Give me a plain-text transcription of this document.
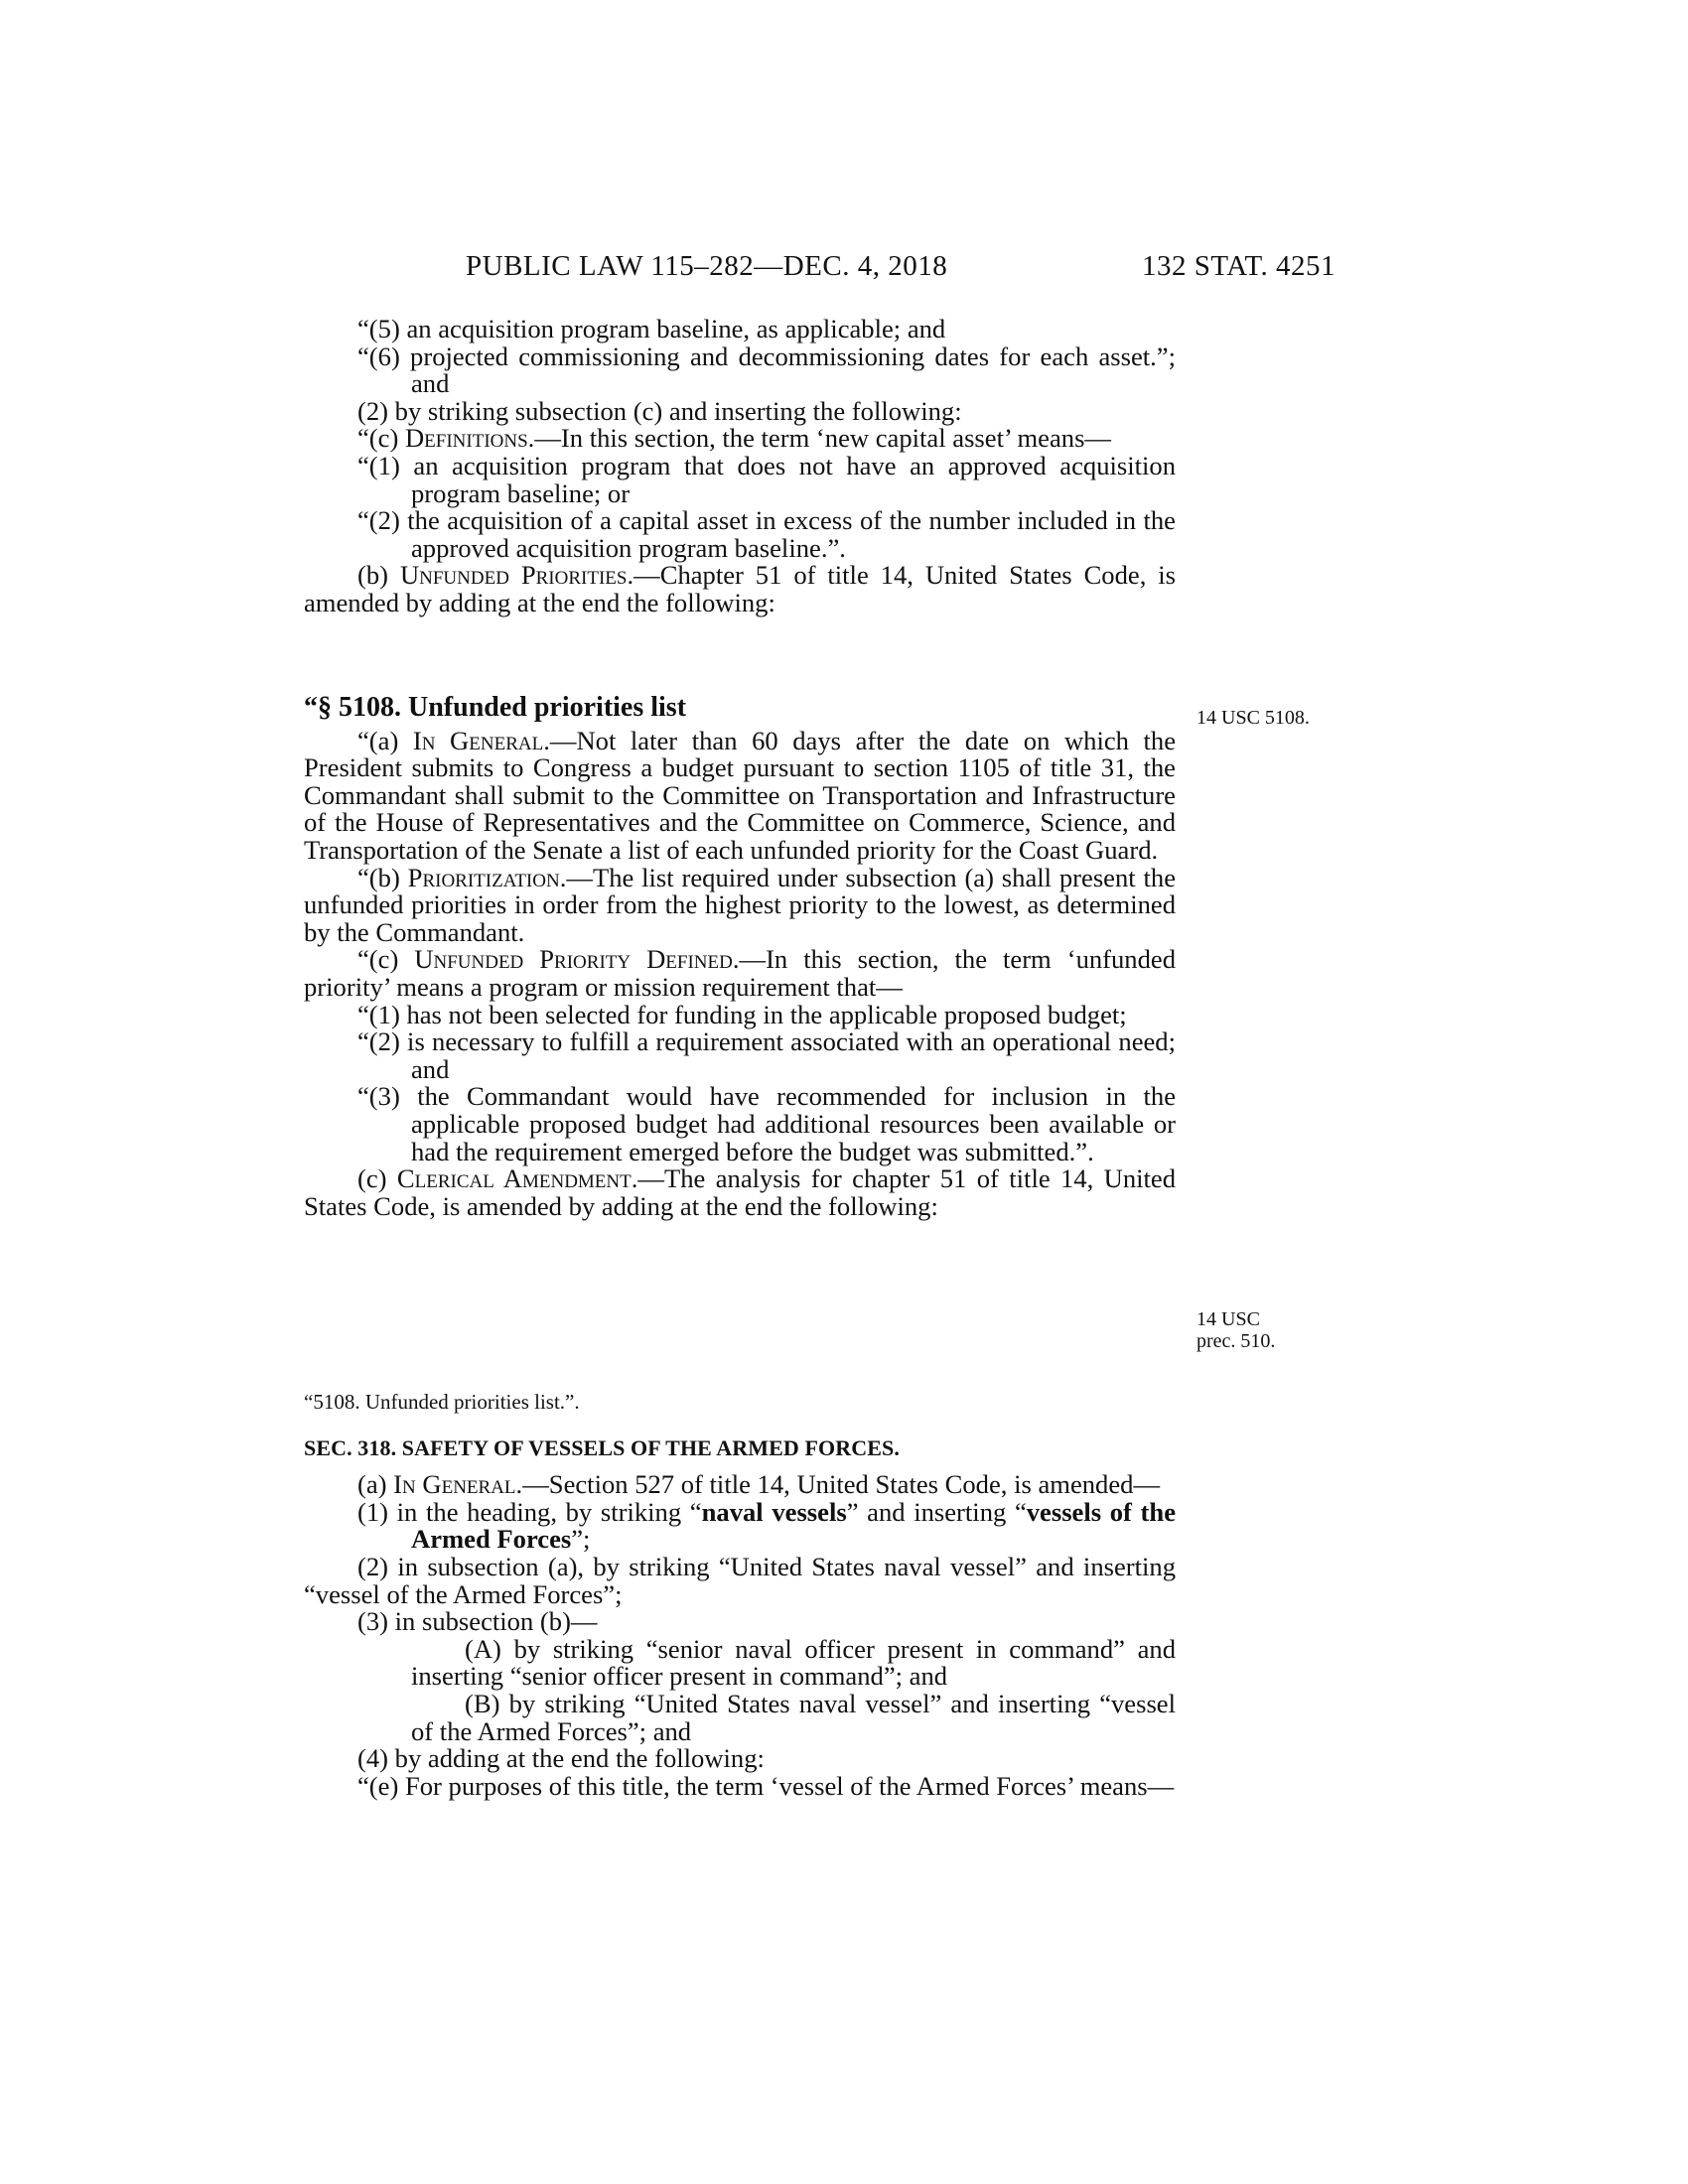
PUBLIC LAW 115–282—DEC. 4, 2018	132 STAT. 4251

“(5) an acquisition program baseline, as applicable; and

“(6) projected commissioning and decommissioning dates for each asset.”; and

(2) by striking subsection (c) and inserting the following:

“(c) Definitions.—In this section, the term ‘new capital asset’ means—

“(1) an acquisition program that does not have an approved acquisition program baseline; or

“(2) the acquisition of a capital asset in excess of the number included in the approved acquisition program baseline.”.

(b) Unfunded Priorities.—Chapter 51 of title 14, United States Code, is amended by adding at the end the following:

“§ 5108. Unfunded priorities list

“(a) In General.—Not later than 60 days after the date on which the President submits to Congress a budget pursuant to section 1105 of title 31, the Commandant shall submit to the Committee on Transportation and Infrastructure of the House of Representatives and the Committee on Commerce, Science, and Transportation of the Senate a list of each unfunded priority for the Coast Guard.

“(b) Prioritization.—The list required under subsection (a) shall present the unfunded priorities in order from the highest priority to the lowest, as determined by the Commandant.

“(c) Unfunded Priority Defined.—In this section, the term ‘unfunded priority’ means a program or mission requirement that—

“(1) has not been selected for funding in the applicable proposed budget;

“(2) is necessary to fulfill a requirement associated with an operational need; and

“(3) the Commandant would have recommended for inclusion in the applicable proposed budget had additional resources been available or had the requirement emerged before the budget was submitted.”.

(c) Clerical Amendment.—The analysis for chapter 51 of title 14, United States Code, is amended by adding at the end the following:

14 USC 5108.
14 USC
prec. 510.

“5108. Unfunded priorities list.”.

SEC. 318. SAFETY OF VESSELS OF THE ARMED FORCES.

(a) In General.—Section 527 of title 14, United States Code, is amended—

(1) in the heading, by striking “naval vessels” and inserting “vessels of the Armed Forces”;

(2) in subsection (a), by striking “United States naval vessel” and inserting “vessel of the Armed Forces”;

(3) in subsection (b)—

(A) by striking “senior naval officer present in command” and inserting “senior officer present in command”; and

(B) by striking “United States naval vessel” and inserting “vessel of the Armed Forces”; and

(4) by adding at the end the following:

“(e) For purposes of this title, the term ‘vessel of the Armed Forces’ means—
